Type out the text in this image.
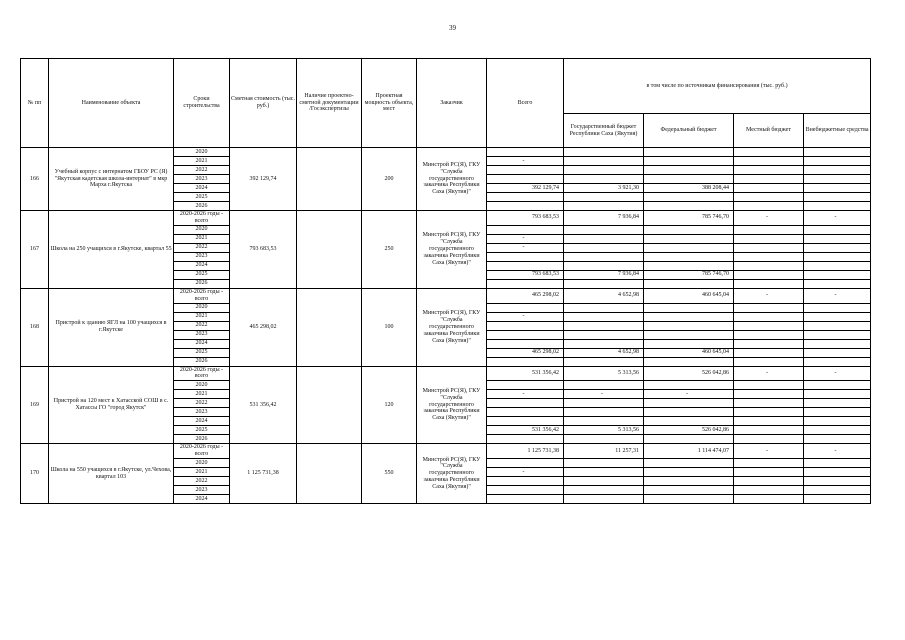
39
№ пп	Наименование объекта	Сроки строительства	Сметная стоимость (тыс. руб.)	Наличие проектно-сметной документации /Госэкспертизы	Проектная мощность объекта, мест	Заказчик	Всего	в том числе по источникам финансирования (тыс. руб.)			
								Государственный бюджет Республики Саха (Якутия)	Федеральный бюджет	Местный бюджет	Внебюджетные средства
166	Учебный корпус с интернатом ГБОУ РС (Я) "Якутская кадетская школа-интернат" в мкр Марха г.Якутска	2020	392 129,74		200	Минстрой РС(Я), ГКУ "Служба государственного заказчика Республики Саха (Якутия)"					
		2021					-				
		2022									
		2023									
		2024					392 129,74	3 921,30	388 208,44		
		2025									
		2026									
167	Школа на 250 учащихся в г.Якутске, квартал 55	2020-2026 годы - всего	793 683,53		250	Минстрой РС(Я), ГКУ "Служба государственного заказчика Республики Саха (Якутия)"	793 683,53	7 936,84	785 746,70	-	-
		2020									
		2021					-				
		2022					-				
		2023									
		2024									
		2025					793 683,53	7 936,84	785 746,70		
		2026									
168	Пристрой к зданию ЯГЛ на 100 учащихся в г.Якутске	2020-2026 годы - всего	465 298,02		100	Минстрой РС(Я), ГКУ "Служба государственного заказчика Республики Саха (Якутия)"	465 298,02	4 652,98	460 645,04	-	-
		2020									
		2021					-				
		2022									
		2023									
		2024									
		2025					465 298,02	4 652,98	460 645,04		
		2026									
169	Пристрой на 120 мест к Хатасской СОШ в с. Хатассы ГО "город Якутск"	2020-2026 годы - всего	531 356,42		120	Минстрой РС(Я), ГКУ "Служба государственного заказчика Республики Саха (Якутия)"	531 356,42	5 313,56	526 042,86	-	-
		2020									
		2021					-	-	-		
		2022									
		2023									
		2024									
		2025					531 356,42	5 313,56	526 042,86		
		2026									
170	Школа на 550 учащихся в г.Якутске, ул.Чехова, квартал 103	2020-2026 годы - всего	1 125 731,38		550	Минстрой РС(Я), ГКУ "Служба государственного заказчика Республики Саха (Якутия)"	1 125 731,38	11 257,31	1 114 474,07	-	-
		2020									
		2021					-				
		2022									
		2023									
		2024									
